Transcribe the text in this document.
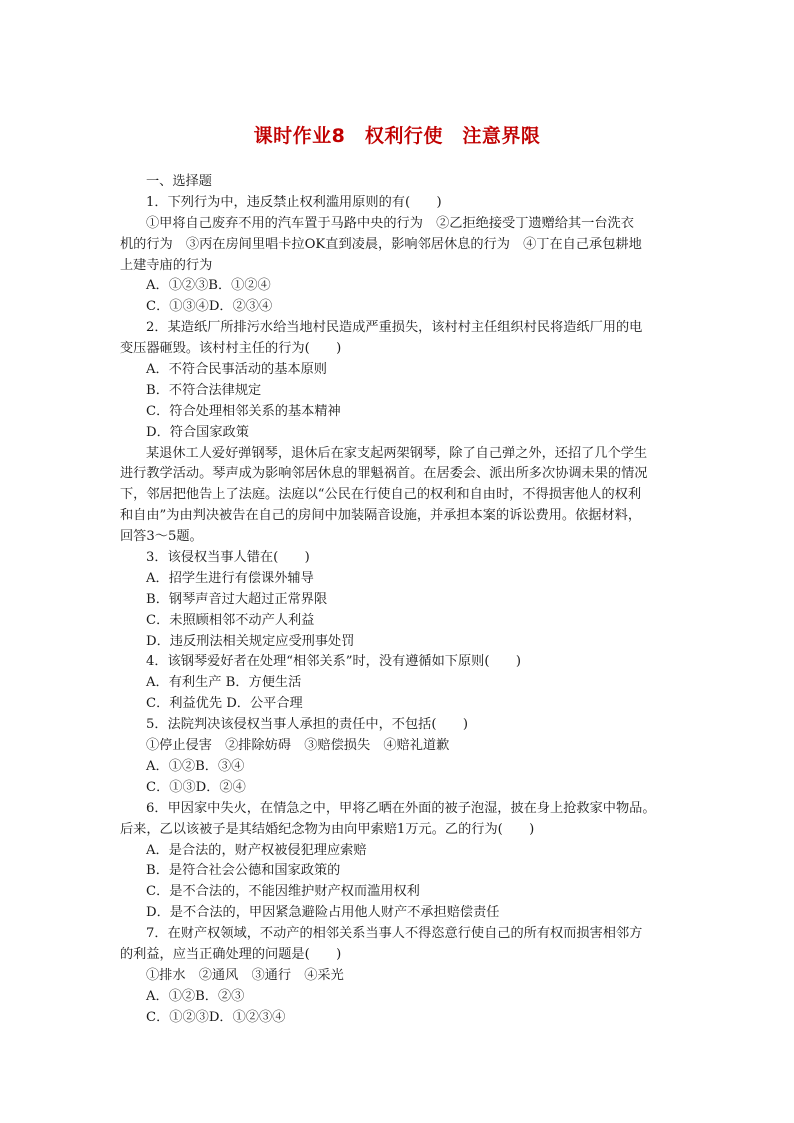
课时作业8　权利行使　注意界限
一、选择题
1．下列行为中，违反禁止权利滥用原则的有(　　)
①甲将自己废弃不用的汽车置于马路中央的行为　②乙拒绝接受丁遗赠给其一台洗衣
机的行为　③丙在房间里唱卡拉OK直到凌晨，影响邻居休息的行为　④丁在自己承包耕地
上建寺庙的行为
A．①②③B．①②④
C．①③④D．②③④
2．某造纸厂所排污水给当地村民造成严重损失，该村村主任组织村民将造纸厂用的电
变压器砸毁。该村村主任的行为(　　)
A．不符合民事活动的基本原则
B．不符合法律规定
C．符合处理相邻关系的基本精神
D．符合国家政策
某退休工人爱好弹钢琴，退休后在家支起两架钢琴，除了自己弹之外，还招了几个学生
进行教学活动。琴声成为影响邻居休息的罪魁祸首。在居委会、派出所多次协调未果的情况
下，邻居把他告上了法庭。法庭以“公民在行使自己的权利和自由时，不得损害他人的权利
和自由”为由判决被告在自己的房间中加装隔音设施，并承担本案的诉讼费用。依据材料，
回答3～5题。
3．该侵权当事人错在(　　)
A．招学生进行有偿课外辅导
B．钢琴声音过大超过正常界限
C．未照顾相邻不动产人利益
D．违反刑法相关规定应受刑事处罚
4．该钢琴爱好者在处理“相邻关系”时，没有遵循如下原则(　　)
A．有利生产 B．方便生活
C．利益优先 D．公平合理
5．法院判决该侵权当事人承担的责任中，不包括(　　)
①停止侵害　②排除妨碍　③赔偿损失　④赔礼道歉
A．①②B．③④
C．①③D．②④
6．甲因家中失火，在情急之中，甲将乙晒在外面的被子泡湿，披在身上抢救家中物品。
后来，乙以该被子是其结婚纪念物为由向甲索赔1万元。乙的行为(　　)
A．是合法的，财产权被侵犯理应索赔
B．是符合社会公德和国家政策的
C．是不合法的，不能因维护财产权而滥用权利
D．是不合法的，甲因紧急避险占用他人财产不承担赔偿责任
7．在财产权领域，不动产的相邻关系当事人不得恣意行使自己的所有权而损害相邻方
的利益，应当正确处理的问题是(　　)
①排水　②通风　③通行　④采光
A．①②B．②③
C．①②③D．①②③④
